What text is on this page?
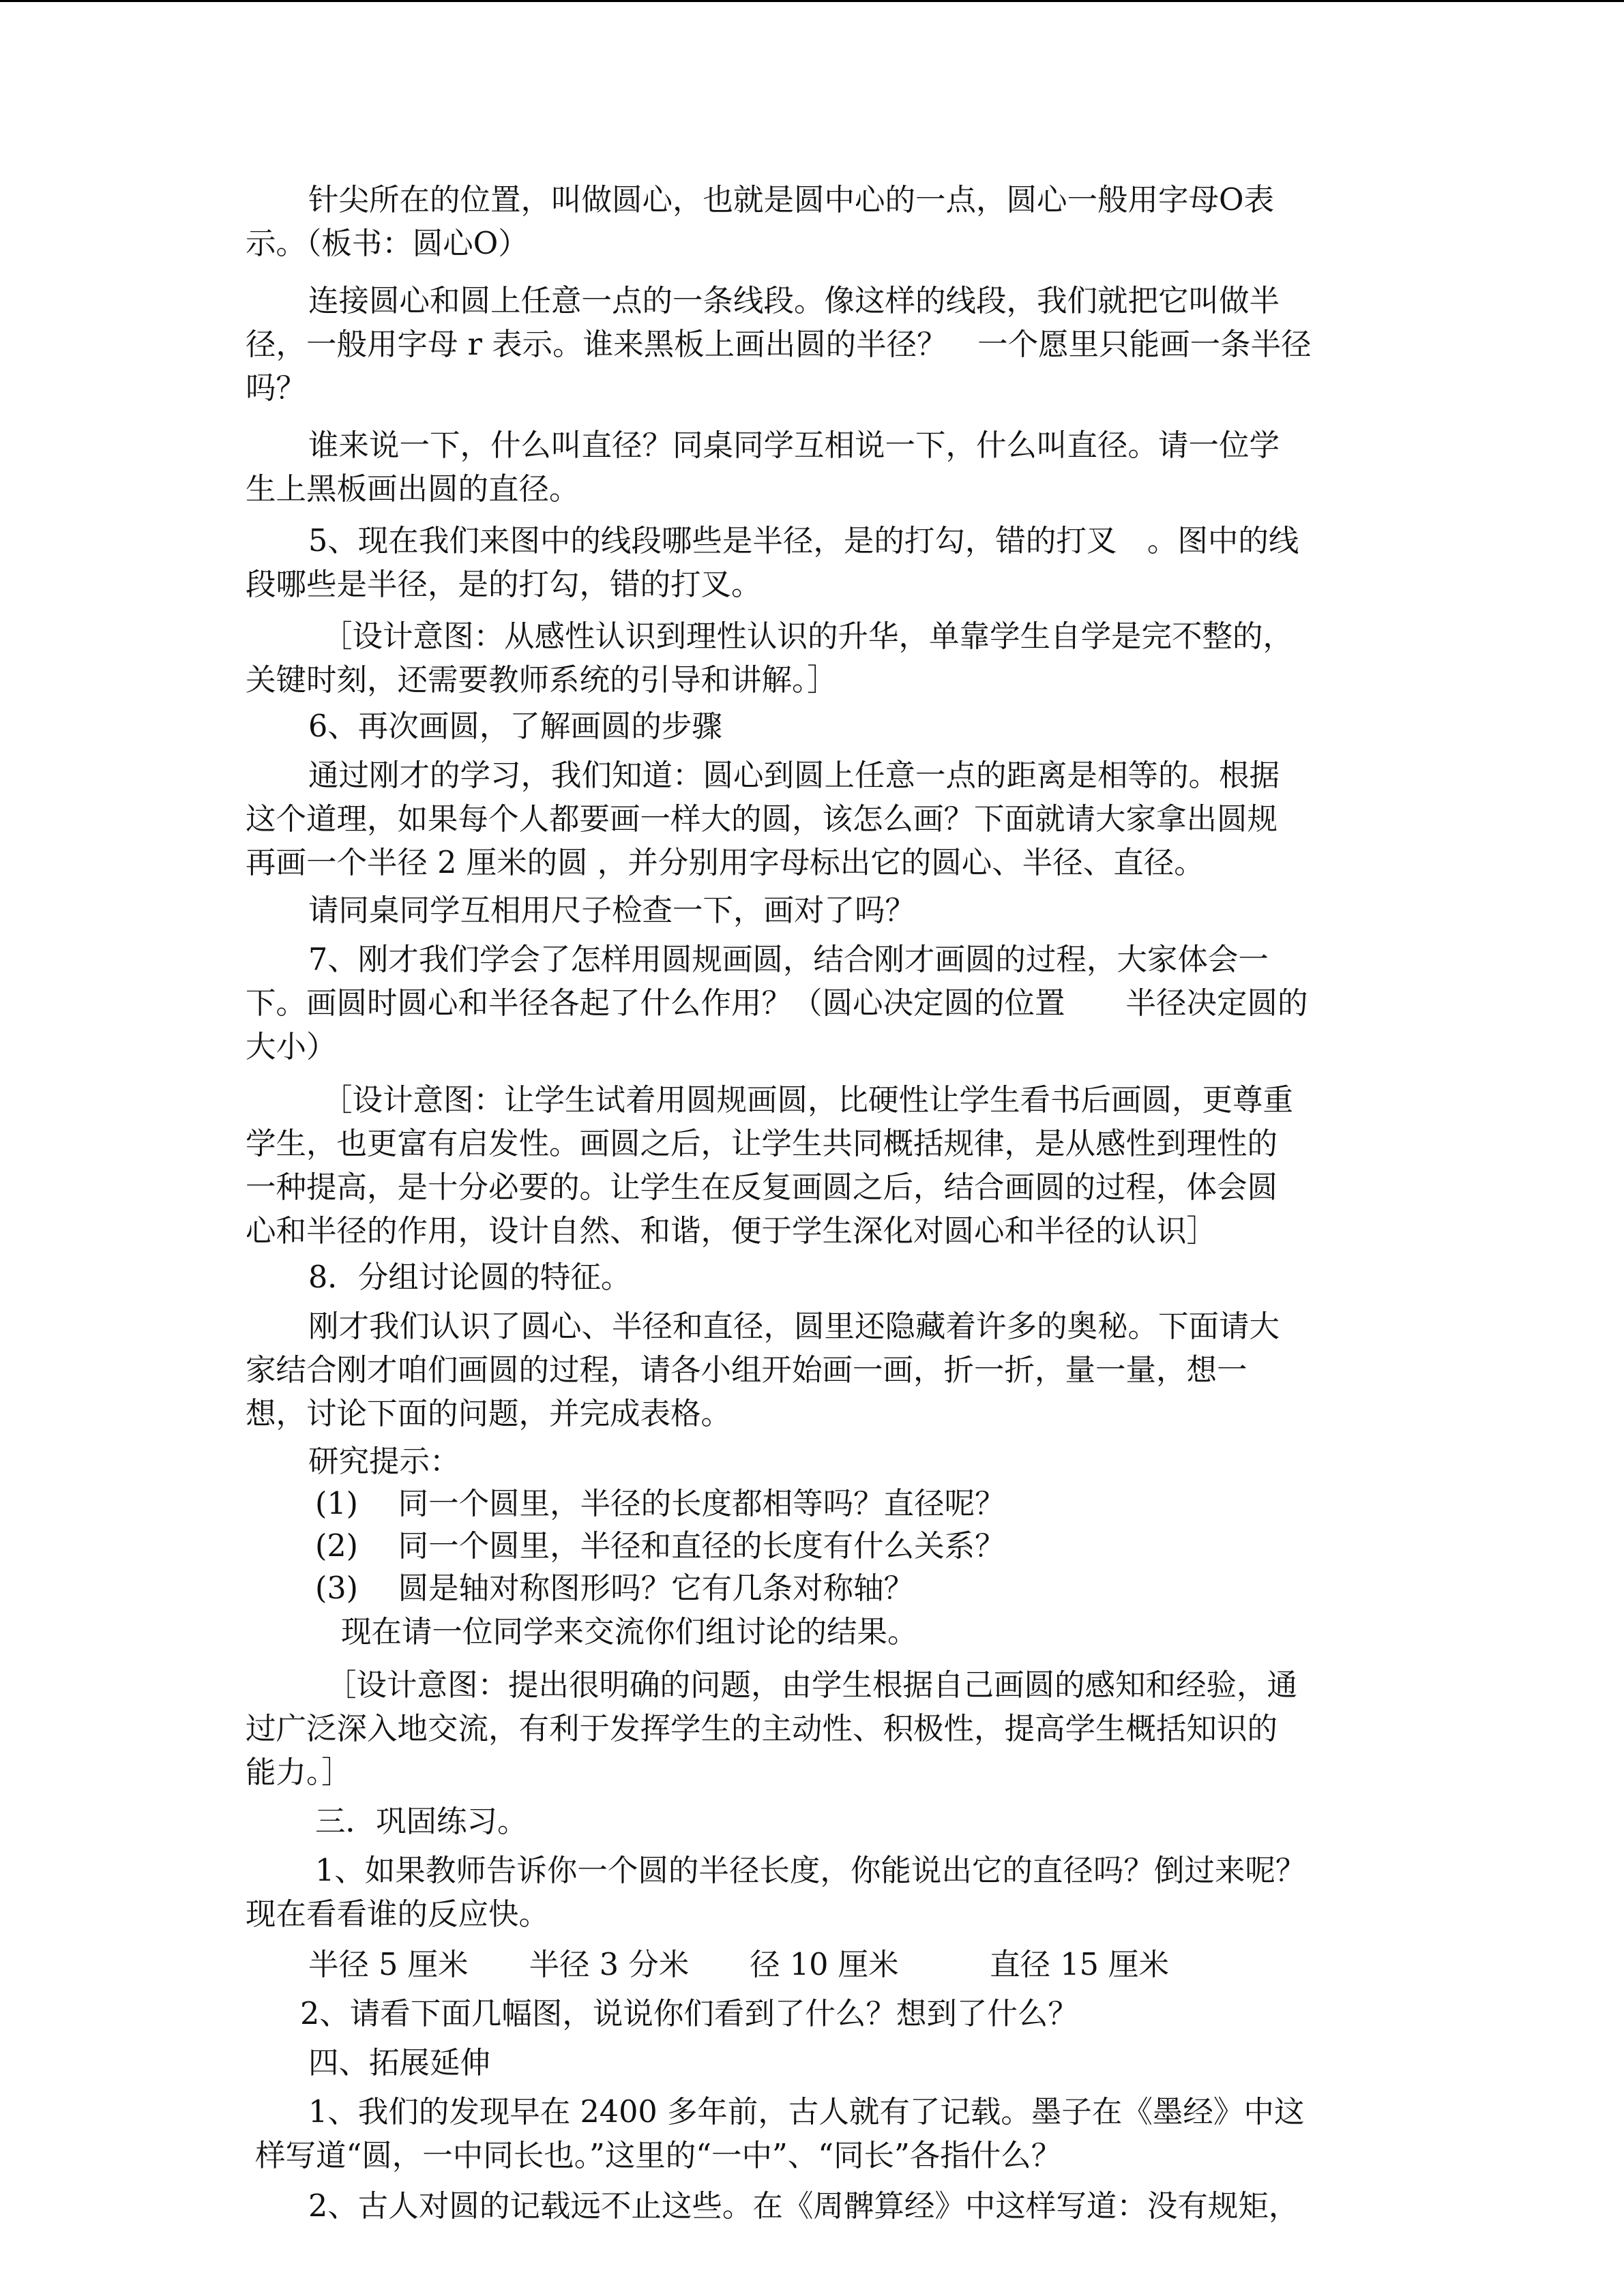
针尖所在的位置，叫做圆心，也就是圆中心的一点，圆心一般用字母O表
示。（板书：圆心O）
连接圆心和圆上任意一点的一条线段。像这样的线段，我们就把它叫做半
径，一般用字母 r 表示。谁来黑板上画出圆的半径？　一个愿里只能画一条半径
吗？
谁来说一下，什么叫直径？同桌同学互相说一下，什么叫直径。请一位学
生上黑板画出圆的直径。
5、现在我们来图中的线段哪些是半径，是的打勾，错的打叉　。图中的线
段哪些是半径，是的打勾，错的打叉。
［设计意图：从感性认识到理性认识的升华，单靠学生自学是完不整的，
关键时刻，还需要教师系统的引导和讲解。］
6、再次画圆，了解画圆的步骤
通过刚才的学习，我们知道：圆心到圆上任意一点的距离是相等的。根据
这个道理，如果每个人都要画一样大的圆，该怎么画？下面就请大家拿出圆规
再画一个半径 2 厘米的圆 ，并分别用字母标出它的圆心、半径、直径。
请同桌同学互相用尺子检查一下，画对了吗？
7、刚才我们学会了怎样用圆规画圆，结合刚才画圆的过程，大家体会一
下。画圆时圆心和半径各起了什么作用？（圆心决定圆的位置　　半径决定圆的
大小）
［设计意图：让学生试着用圆规画圆，比硬性让学生看书后画圆，更尊重
学生，也更富有启发性。画圆之后，让学生共同概括规律，是从感性到理性的
一种提高，是十分必要的。让学生在反复画圆之后，结合画圆的过程，体会圆
心和半径的作用，设计自然、和谐，便于学生深化对圆心和半径的认识］
8．分组讨论圆的特征。
刚才我们认识了圆心、半径和直径，圆里还隐藏着许多的奥秘。下面请大
家结合刚才咱们画圆的过程，请各小组开始画一画，折一折，量一量，想一
想，讨论下面的问题，并完成表格。
研究提示：
(1)　 同一个圆里，半径的长度都相等吗？直径呢？
(2)　 同一个圆里，半径和直径的长度有什么关系？
(3)　 圆是轴对称图形吗？它有几条对称轴？
现在请一位同学来交流你们组讨论的结果。
［设计意图：提出很明确的问题，由学生根据自己画圆的感知和经验，通
过广泛深入地交流，有利于发挥学生的主动性、积极性，提高学生概括知识的
能力。］
三．巩固练习。
1、如果教师告诉你一个圆的半径长度，你能说出它的直径吗？倒过来呢？
现在看看谁的反应快。
半径 5 厘米　　半径 3 分米　　径 10 厘米　　　直径 15 厘米
2、请看下面几幅图，说说你们看到了什么？想到了什么？
四、拓展延伸
1、我们的发现早在 2400 多年前，古人就有了记载。墨子在《墨经》中这
样写道“圆，一中同长也。”这里的“一中”、“同长”各指什么？
2、古人对圆的记载远不止这些。在《周髀算经》中这样写道：没有规矩，
